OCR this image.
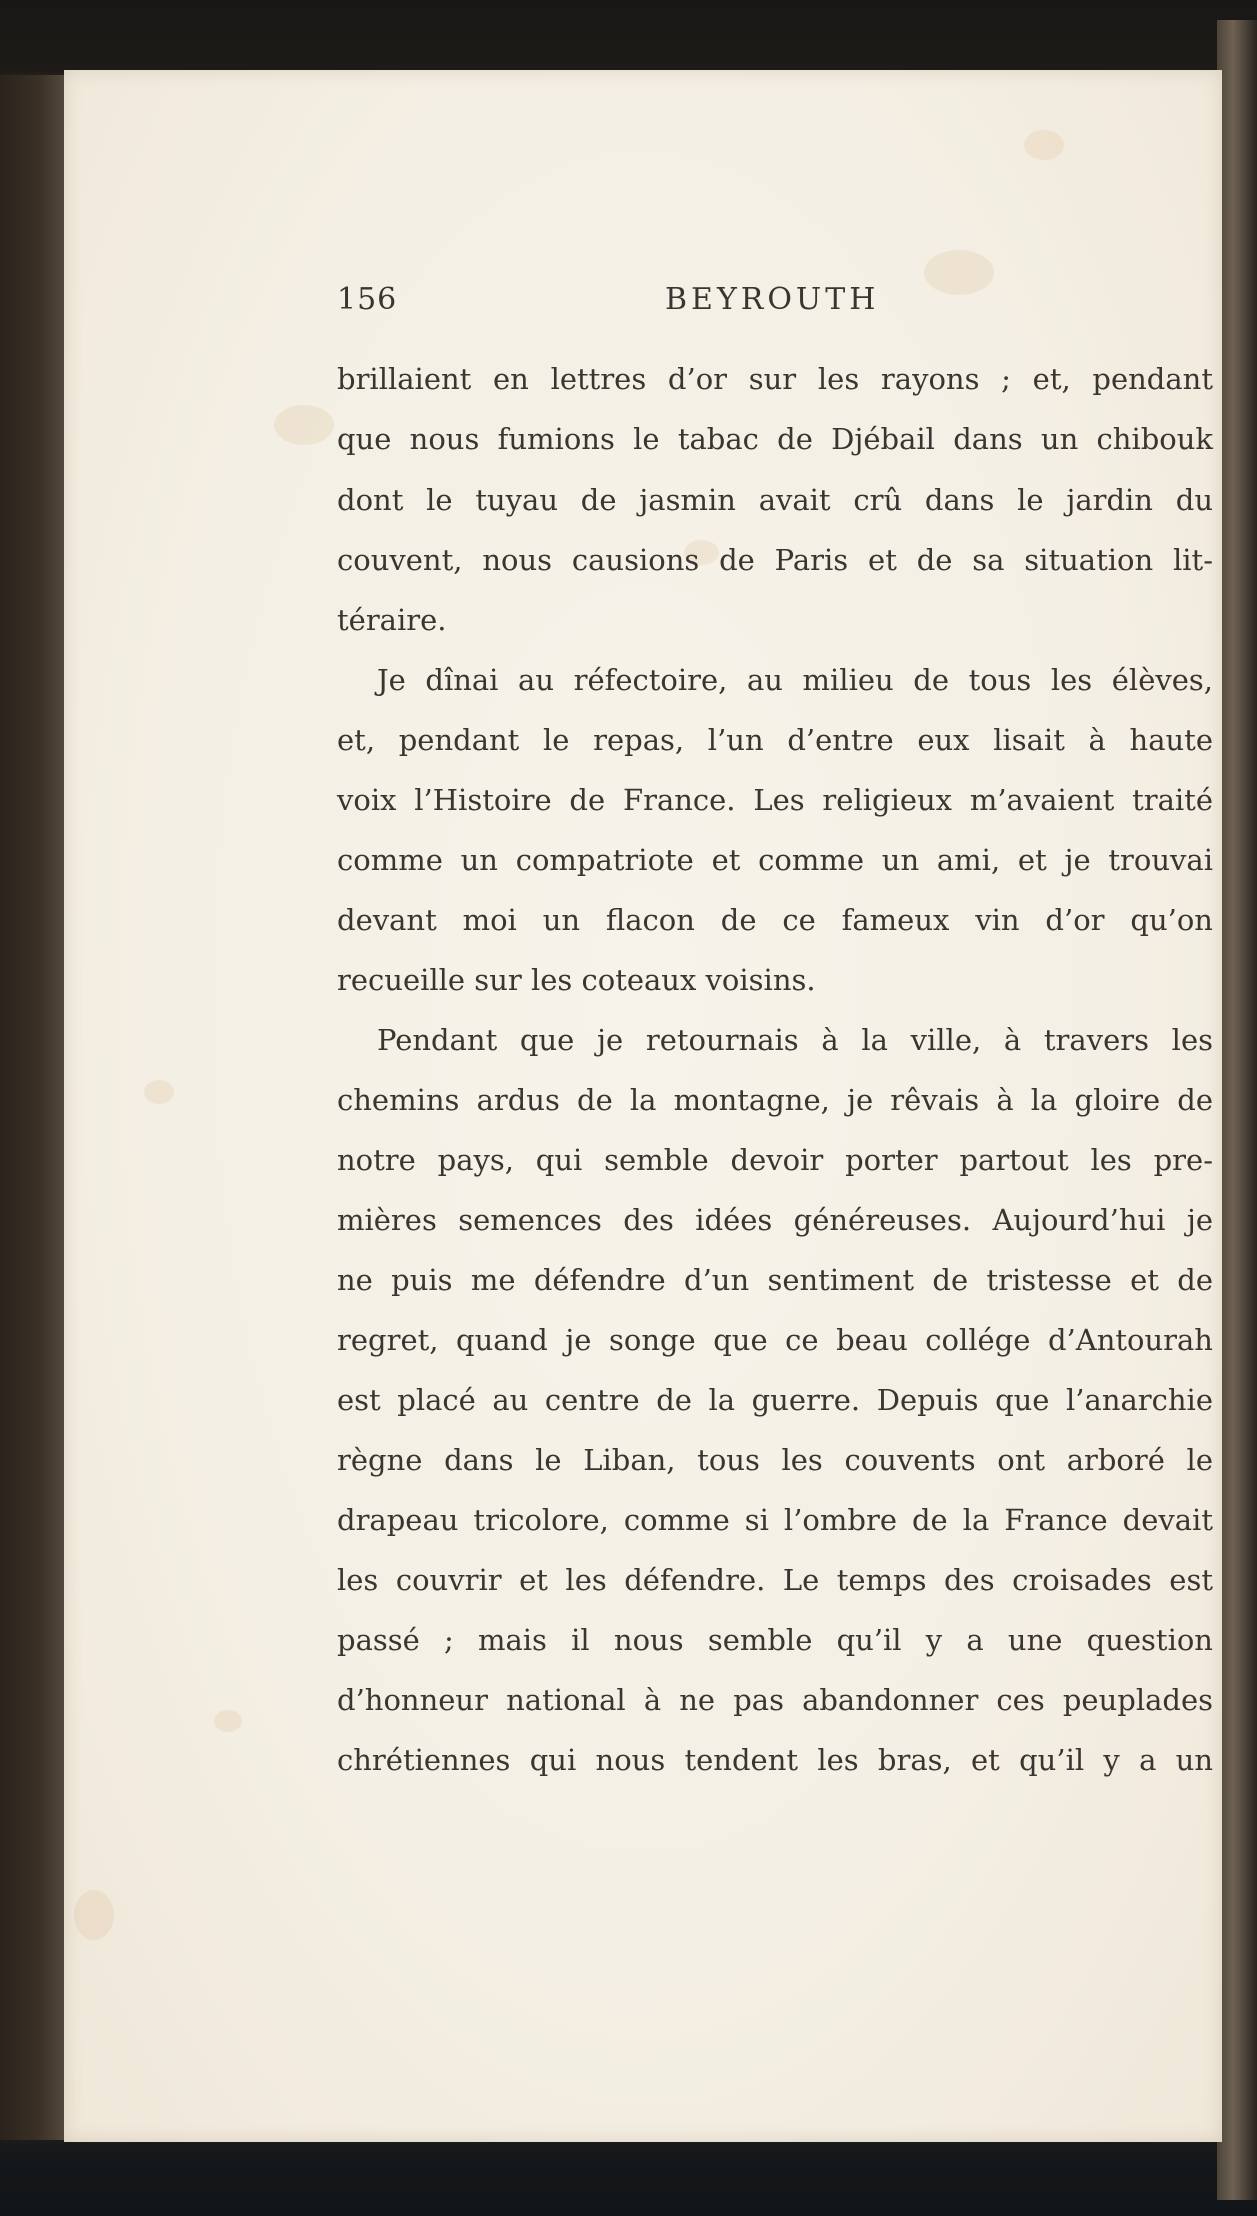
156	BEYROUTH
brillaient en lettres d’or sur les rayons ; et, pendant
que nous fumions le tabac de Djébail dans un chibouk
dont le tuyau de jasmin avait crû dans le jardin du
couvent, nous causions de Paris et de sa situation lit-
téraire.
Je dînai au réfectoire, au milieu de tous les élèves,
et, pendant le repas, l’un d’entre eux lisait à haute
voix l’Histoire de France. Les religieux m’avaient traité
comme un compatriote et comme un ami, et je trouvai
devant moi un flacon de ce fameux vin d’or qu’on
recueille sur les coteaux voisins.
Pendant que je retournais à la ville, à travers les
chemins ardus de la montagne, je rêvais à la gloire de
notre pays, qui semble devoir porter partout les pre-
mières semences des idées généreuses. Aujourd’hui je
ne puis me défendre d’un sentiment de tristesse et de
regret, quand je songe que ce beau collége d’Antourah
est placé au centre de la guerre. Depuis que l’anarchie
règne dans le Liban, tous les couvents ont arboré le
drapeau tricolore, comme si l’ombre de la France devait
les couvrir et les défendre. Le temps des croisades est
passé ; mais il nous semble qu’il y a une question
d’honneur national à ne pas abandonner ces peuplades
chrétiennes qui nous tendent les bras, et qu’il y a un
